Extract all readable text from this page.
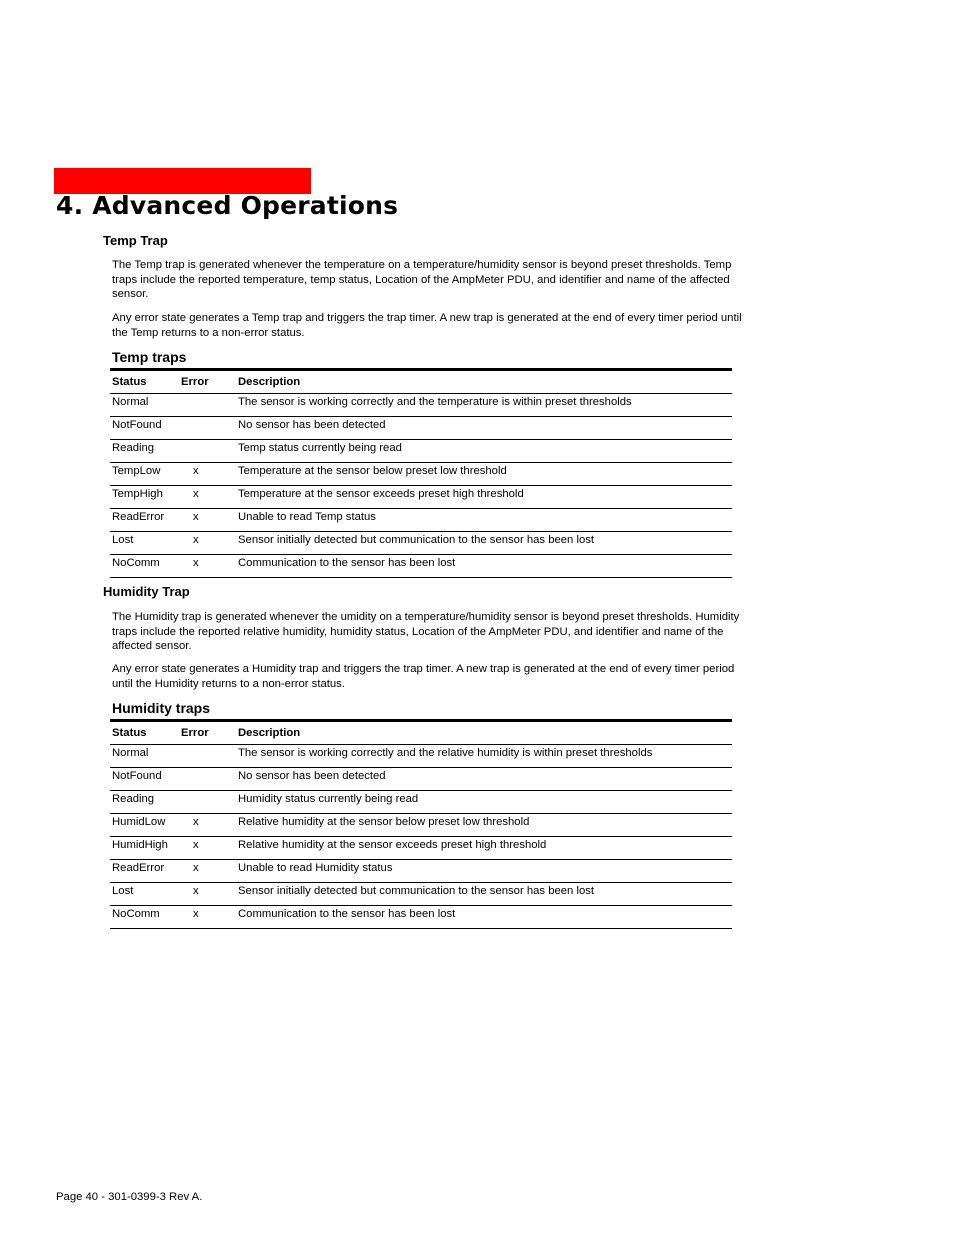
4. Advanced Operations
Temp Trap

The Temp trap is generated whenever the temperature on a temperature/humidity sensor is beyond preset thresholds. Temp traps include the reported temperature, temp status, Location of the AmpMeter PDU, and identifier and name of the affected sensor.

Any error state generates a Temp trap and triggers the trap timer. A new trap is generated at the end of every timer period until the Temp returns to a non-error status.

Temp traps
Status	Error	Description
Normal		The sensor is working correctly and the temperature is within preset thresholds
NotFound		No sensor has been detected
Reading		Temp status currently being read
TempLow	x	Temperature at the sensor below preset low threshold
TempHigh	x	Temperature at the sensor exceeds preset high threshold
ReadError	x	Unable to read Temp status
Lost	x	Sensor initially detected but communication to the sensor has been lost
NoComm	x	Communication to the sensor has been lost
Humidity Trap

The Humidity trap is generated whenever the umidity on a temperature/humidity sensor is beyond preset thresholds. Humidity traps include the reported relative humidity, humidity status, Location of the AmpMeter PDU, and identifier and name of the affected sensor.

Any error state generates a Humidity trap and triggers the trap timer. A new trap is generated at the end of every timer period until the Humidity returns to a non-error status.

Humidity traps
Status	Error	Description
Normal		The sensor is working correctly and the relative humidity is within preset thresholds
NotFound		No sensor has been detected
Reading		Humidity status currently being read
HumidLow	x	Relative humidity at the sensor below preset low threshold
HumidHigh	x	Relative humidity at the sensor exceeds preset high threshold
ReadError	x	Unable to read Humidity status
Lost	x	Sensor initially detected but communication to the sensor has been lost
NoComm	x	Communication to the sensor has been lost

Page 40 - 301-0399-3 Rev A.
